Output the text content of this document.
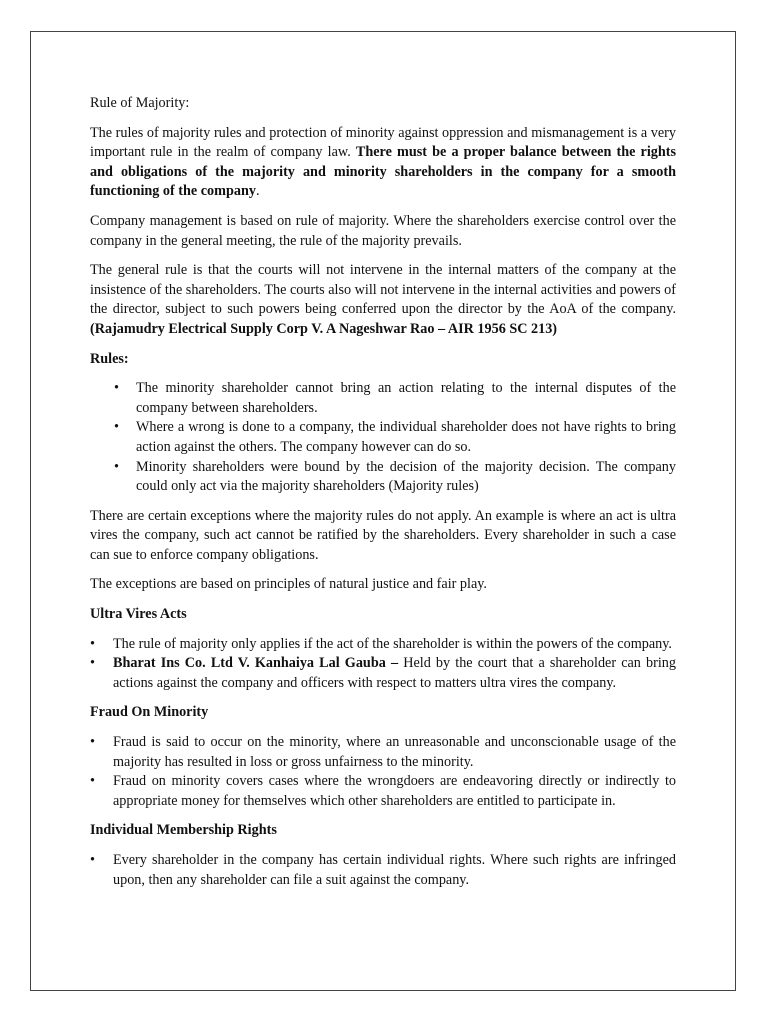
Rule of Majority:

The rules of majority rules and protection of minority against oppression and mismanagement is a very important rule in the realm of company law. There must be a proper balance between the rights and obligations of the majority and minority shareholders in the company for a smooth functioning of the company.

Company management is based on rule of majority. Where the shareholders exercise control over the company in the general meeting, the rule of the majority prevails.

The general rule is that the courts will not intervene in the internal matters of the company at the insistence of the shareholders. The courts also will not intervene in the internal activities and powers of the director, subject to such powers being conferred upon the director by the AoA of the company. (Rajamudry Electrical Supply Corp V. A Nageshwar Rao – AIR 1956 SC 213)

Rules:
• The minority shareholder cannot bring an action relating to the internal disputes of the company between shareholders.
• Where a wrong is done to a company, the individual shareholder does not have rights to bring action against the others. The company however can do so.
• Minority shareholders were bound by the decision of the majority decision. The company could only act via the majority shareholders (Majority rules)

There are certain exceptions where the majority rules do not apply. An example is where an act is ultra vires the company, such act cannot be ratified by the shareholders. Every shareholder in such a case can sue to enforce company obligations.

The exceptions are based on principles of natural justice and fair play.

Ultra Vires Acts
• The rule of majority only applies if the act of the shareholder is within the powers of the company.
• Bharat Ins Co. Ltd V. Kanhaiya Lal Gauba – Held by the court that a shareholder can bring actions against the company and officers with respect to matters ultra vires the company.
Fraud On Minority
• Fraud is said to occur on the minority, where an unreasonable and unconscionable usage of the majority has resulted in loss or gross unfairness to the minority.
• Fraud on minority covers cases where the wrongdoers are endeavoring directly or indirectly to appropriate money for themselves which other shareholders are entitled to participate in.
Individual Membership Rights
• Every shareholder in the company has certain individual rights. Where such rights are infringed upon, then any shareholder can file a suit against the company.
